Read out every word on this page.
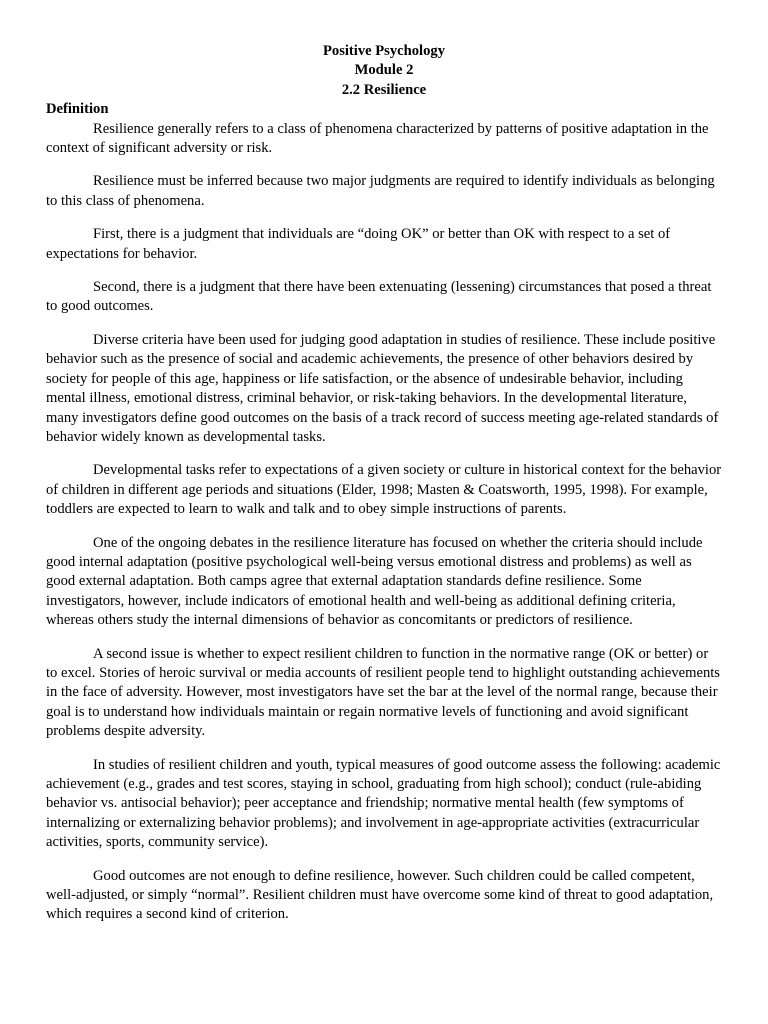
Positive Psychology
Module 2
2.2 Resilience
Definition

Resilience generally refers to a class of phenomena characterized by patterns of positive adaptation in the context of significant adversity or risk.

Resilience must be inferred because two major judgments are required to identify individuals as belonging to this class of phenomena.

First, there is a judgment that individuals are “doing OK” or better than OK with respect to a set of expectations for behavior.

Second, there is a judgment that there have been extenuating (lessening) circumstances that posed a threat to good outcomes.

Diverse criteria have been used for judging good adaptation in studies of resilience. These include positive behavior such as the presence of social and academic achievements, the presence of other behaviors desired by society for people of this age, happiness or life satisfaction, or the absence of undesirable behavior, including mental illness, emotional distress, criminal behavior, or risk-taking behaviors. In the developmental literature, many investigators define good outcomes on the basis of a track record of success meeting age-related standards of behavior widely known as developmental tasks.

Developmental tasks refer to expectations of a given society or culture in historical context for the behavior of children in different age periods and situations (Elder, 1998; Masten & Coatsworth, 1995, 1998). For example, toddlers are expected to learn to walk and talk and to obey simple instructions of parents.

One of the ongoing debates in the resilience literature has focused on whether the criteria should include good internal adaptation (positive psychological well-being versus emotional distress and problems) as well as good external adaptation. Both camps agree that external adaptation standards define resilience. Some investigators, however, include indicators of emotional health and well-being as additional defining criteria, whereas others study the internal dimensions of behavior as concomitants or predictors of resilience.

A second issue is whether to expect resilient children to function in the normative range (OK or better) or to excel. Stories of heroic survival or media accounts of resilient people tend to highlight outstanding achievements in the face of adversity. However, most investigators have set the bar at the level of the normal range, because their goal is to understand how individuals maintain or regain normative levels of functioning and avoid significant problems despite adversity.

In studies of resilient children and youth, typical measures of good outcome assess the following: academic achievement (e.g., grades and test scores, staying in school, graduating from high school); conduct (rule-abiding behavior vs. antisocial behavior); peer acceptance and friendship; normative mental health (few symptoms of internalizing or externalizing behavior problems); and involvement in age-appropriate activities (extracurricular activities, sports, community service).

Good outcomes are not enough to define resilience, however. Such children could be called competent, well-adjusted, or simply “normal”. Resilient children must have overcome some kind of threat to good adaptation, which requires a second kind of criterion.
